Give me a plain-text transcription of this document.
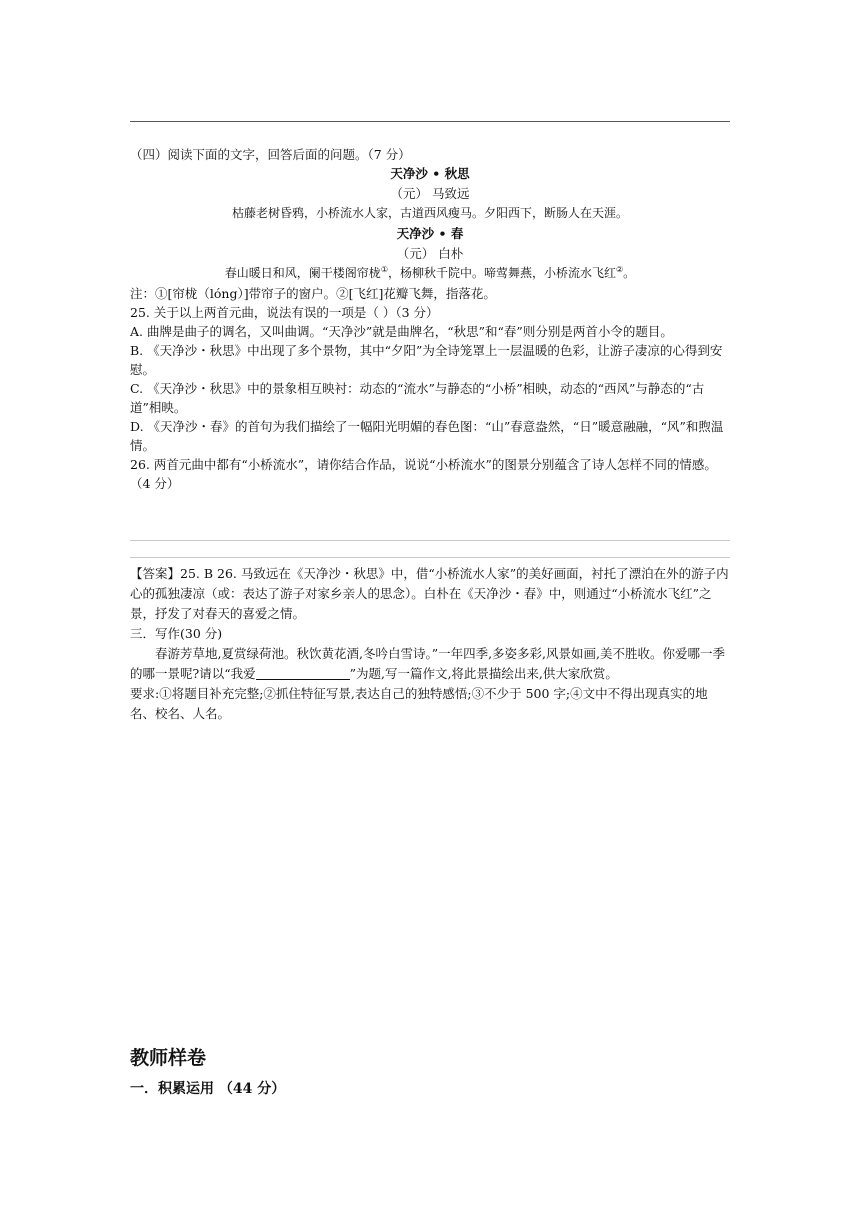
（四）阅读下面的文字，回答后面的问题。（7 分）

天净沙 • 秋思

（元） 马致远

枯藤老树昏鸦，小桥流水人家，古道西风瘦马。夕阳西下，断肠人在天涯。

天净沙 • 春

（元） 白朴

春山暖日和风，阑干楼阁帘栊①，杨柳秋千院中。啼莺舞燕，小桥流水飞红②。

注：①[帘栊（lóng）]带帘子的窗户。②[飞红]花瓣飞舞，指落花。

25. 关于以上两首元曲，说法有误的一项是（ ）（3 分）

A. 曲牌是曲子的调名，又叫曲调。“天净沙”就是曲牌名，“秋思”和“春”则分别是两首小令的题目。

B. 《天净沙・秋思》中出现了多个景物，其中“夕阳”为全诗笼罩上一层温暖的色彩，让游子凄凉的心得到安慰。

C. 《天净沙・秋思》中的景象相互映衬：动态的“流水”与静态的“小桥”相映，动态的“西风”与静态的“古道”相映。

D. 《天净沙・春》的首句为我们描绘了一幅阳光明媚的春色图：“山”春意盎然，“日”暖意融融，“风”和煦温情。

26. 两首元曲中都有“小桥流水”，请你结合作品，说说“小桥流水”的图景分别蕴含了诗人怎样不同的情感。（4 分）

【答案】25. B 26. 马致远在《天净沙・秋思》中，借“小桥流水人家”的美好画面，衬托了漂泊在外的游子内心的孤独凄凉（或：表达了游子对家乡亲人的思念）。白朴在《天净沙・春》中，则通过“小桥流水飞红”之景，抒发了对春天的喜爱之情。

三．写作(30 分)

春游芳草地,夏赏绿荷池。秋饮黄花酒,冬吟白雪诗。”一年四季,多姿多彩,风景如画,美不胜收。你爱哪一季的哪一景呢?请以“我爱	”为题,写一篇作文,将此景描绘出来,供大家欣赏。

要求:①将题目补充完整;②抓住特征写景,表达自己的独特感悟;③不少于 500 字;④文中不得出现真实的地名、校名、人名。

教师样卷
一．积累运用 （44 分）
